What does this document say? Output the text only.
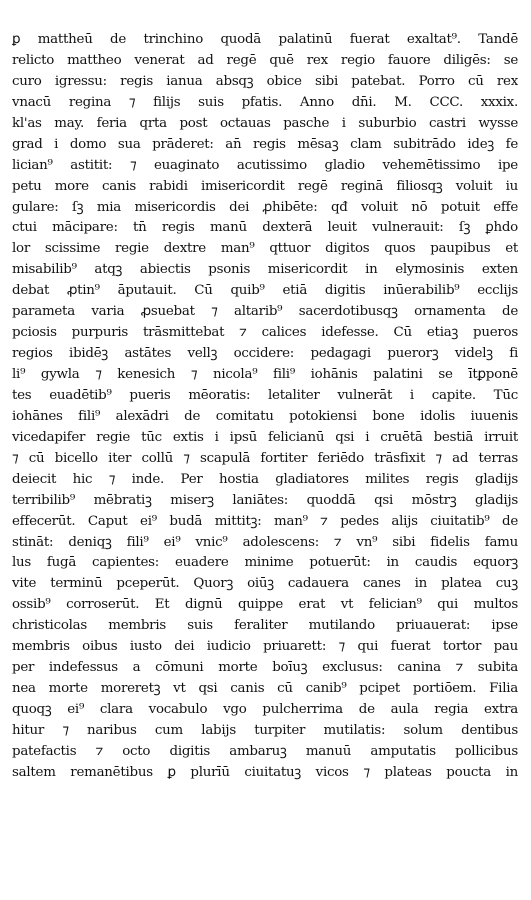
ꝑ mattheū de trinchino quodā palatinū fuerat exaltat⁹. Tandē
relicto mattheo venerat ad regē quē rex regio fauore diligēs: se
curo igressu: regis ianua absqꝫ obice sibi patebat. Porro cū rex
vnacū regina ⁊ filijs suis pfatis. Anno dn̄i. M. CCC. xxxix.
kl'as may. feria qrta post octauas pasche i suburbio castri wysse
grad i domo sua prāderet: an̄ regis mēsaꝫ clam subitrādo ideꝫ fe
lician⁹ astitit: ⁊ euaginato acutissimo gladio vehemētissimo ipe
petu more canis rabidi imisericordit regē reginā filiosqꝫ voluit iu
gulare: ſꝫ mia misericordis dei ꝓhibēte: qđ voluit nō potuit effe
ctui mācipare: tn̄ regis manū dexterā leuit vulnerauit: ſꝫ ꝑhdo
lor scissime regie dextre man⁹ qttuor digitos quos paupibus et
misabilib⁹ atqꝫ abiectis psonis misericordit in elymosinis exten
debat ꝓtin⁹ āputauit. Cū quib⁹ etiā digitis inūerabilib⁹ ecclijs
parameta varia ꝓsuebat ⁊ altarib⁹ sacerdotibusqꝫ ornamenta de
pciosis purpuris trāsmittebat ⁊ calices idefesse. Cū etiaꝫ pueros
regios ibidēꝫ astātes vellꝫ occidere: pedagagi puerorꝫ videlꝫ fi
li⁹ gywla ⁊ kenesich ⁊ nicola⁹ fili⁹ iohānis palatini se ītꝑponē
tes euadētib⁹ pueris mēoratis: letaliter vulnerāt i capite. Tūc
iohānes fili⁹ alexādri de comitatu potokiensi bone idolis iuuenis
vicedapifer regie tūc extis i ipsū felicianū qsi i cruētā bestiā irruit
⁊ cū bicello iter collū ⁊ scapulā fortiter feriēdo trāsfixit ⁊ ad terras
deiecit hic ⁊ inde. Per hostia gladiatores milites regis gladijs
terribilib⁹ mēbratiꝫ miserꝫ laniātes: quoddā qsi mōstrꝫ gladijs
effecerūt. Caput ei⁹ budā mittitꝫ: man⁹ ⁊ pedes alijs ciuitatib⁹ de
stināt: deniqꝫ fili⁹ ei⁹ vnic⁹ adolescens: ⁊ vn⁹ sibi fidelis famu
lus fugā capientes: euadere minime potuerūt: in caudis equorꝫ
vite terminū pceperūt. Quorꝫ oiūꝫ cadauera canes in platea cuꝫ
ossib⁹ corroserūt. Et dignū quippe erat vt felician⁹ qui multos
christicolas membris suis feraliter mutilando priuauerat: ipse
membris oibus iusto dei iudicio priuarett: ⁊ qui fuerat tortor pau
per indefessus a cōmuni morte boīuꝫ exclusus: canina ⁊ subita
nea morte moreretꝫ vt qsi canis cū canib⁹ pcipet portiōem. Filia
quoqꝫ ei⁹ clara vocabulo vgo pulcherrima de aula regia extra
hitur ⁊ naribus cum labijs turpiter mutilatis: solum dentibus
patefactis ⁊ octo digitis ambaruꝫ manuū amputatis pollicibus
saltem remanētibus ꝑ plurīū ciuitatuꝫ vicos ⁊ plateas poucta in
